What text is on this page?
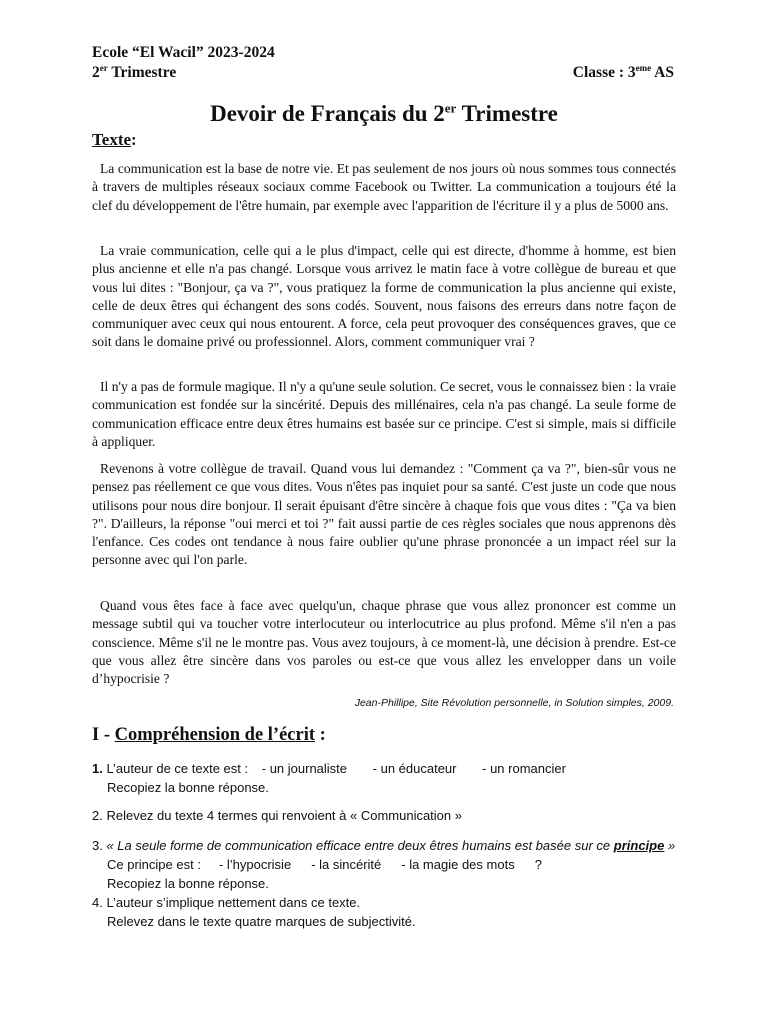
Ecole “El Wacil” 2023-2024
2er Trimestre	Classe : 3eme AS
Devoir de Français du 2er Trimestre
Texte:

La communication est la base de notre vie. Et pas seulement de nos jours où nous sommes tous connectés à travers de multiples réseaux sociaux comme Facebook ou Twitter. La communication a toujours été la clef du développement de l'être humain, par exemple avec l'apparition de l'écriture il y a plus de 5000 ans.

La vraie communication, celle qui a le plus d'impact, celle qui est directe, d'homme à homme, est bien plus ancienne et elle n'a pas changé. Lorsque vous arrivez le matin face à votre collègue de bureau et que vous lui dites : "Bonjour, ça va ?", vous pratiquez la forme de communication la plus ancienne qui existe, celle de deux êtres qui échangent des sons codés. Souvent, nous faisons des erreurs dans notre façon de communiquer avec ceux qui nous entourent. A force, cela peut provoquer des conséquences graves, que ce soit dans le domaine privé ou professionnel. Alors, comment communiquer vrai ?

Il n'y a pas de formule magique. Il n'y a qu'une seule solution. Ce secret, vous le connaissez bien : la vraie communication est fondée sur la sincérité. Depuis des millénaires, cela n'a pas changé. La seule forme de communication efficace entre deux êtres humains est basée sur ce principe. C'est si simple, mais si difficile à appliquer.

Revenons à votre collègue de travail. Quand vous lui demandez : "Comment ça va ?", bien-sûr vous ne pensez pas réellement ce que vous dites. Vous n'êtes pas inquiet pour sa santé. C'est juste un code que nous utilisons pour nous dire bonjour. Il serait épuisant d'être sincère à chaque fois que vous dites : "Ça va bien ?". D'ailleurs, la réponse "oui merci et toi ?" fait aussi partie de ces règles sociales que nous apprenons dès l'enfance. Ces codes ont tendance à nous faire oublier qu'une phrase prononcée a un impact réel sur la personne avec qui l'on parle.

Quand vous êtes face à face avec quelqu'un, chaque phrase que vous allez prononcer est comme un message subtil qui va toucher votre interlocuteur ou interlocutrice au plus profond. Même s'il n'en a pas conscience. Même s'il ne le montre pas. Vous avez toujours, à ce moment-là, une décision à prendre. Est-ce que vous allez être sincère dans vos paroles ou est-ce que vous allez les envelopper dans un voile d’hypocrisie ?

Jean-Phillipe, Site Révolution personnelle, in Solution simples, 2009.
I - Compréhension de l’écrit :
1. L’auteur de ce texte est : - un journaliste - un éducateur - un romancier
Recopiez la bonne réponse.
2. Relevez du texte 4 termes qui renvoient à « Communication »
3. « La seule forme de communication efficace entre deux êtres humains est basée sur ce principe »
Ce principe est : - l’hypocrisie - la sincérité - la magie des mots ?
Recopiez la bonne réponse.
4. L’auteur s’implique nettement dans ce texte.
Relevez dans le texte quatre marques de subjectivité.
